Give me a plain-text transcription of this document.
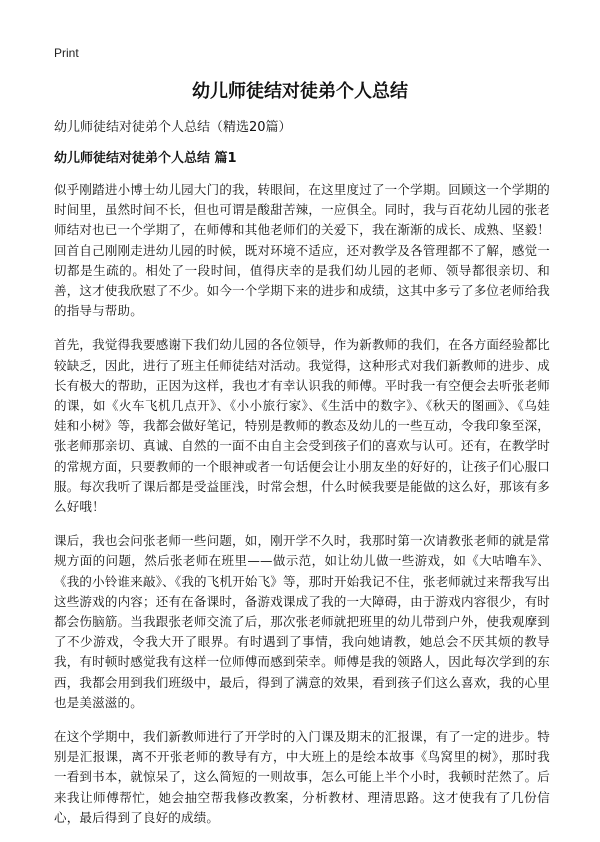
Print
幼儿师徒结对徒弟个人总结

幼儿师徒结对徒弟个人总结（精选20篇）

幼儿师徒结对徒弟个人总结 篇1

似乎刚踏进小博士幼儿园大门的我，转眼间，在这里度过了一个学期。回顾这一个学期的时间里，虽然时间不长，但也可谓是酸甜苦辣，一应俱全。同时，我与百花幼儿园的张老师结对也已一个学期了，在师傅和其他老师们的关爱下，我在渐渐的成长、成熟、坚毅！回首自己刚刚走进幼儿园的时候，既对环境不适应，还对教学及各管理都不了解，感觉一切都是生疏的。相处了一段时间，值得庆幸的是我们幼儿园的老师、领导都很亲切、和善，这才使我欣慰了不少。如今一个学期下来的进步和成绩，这其中多亏了多位老师给我的指导与帮助。

首先，我觉得我要感谢下我们幼儿园的各位领导，作为新教师的我们，在各方面经验都比较缺乏，因此，进行了班主任师徒结对活动。我觉得，这种形式对我们新教师的进步、成长有极大的帮助，正因为这样，我也才有幸认识我的师傅。平时我一有空便会去听张老师的课，如《火车飞机几点开》、《小小旅行家》、《生活中的数字》、《秋天的图画》、《乌娃娃和小树》等，我都会做好笔记，特别是教师的教态及幼儿的一些互动，令我印象至深，张老师那亲切、真诚、自然的一面不由自主会受到孩子们的喜欢与认可。还有，在教学时的常规方面，只要教师的一个眼神或者一句话便会让小朋友坐的好好的，让孩子们心服口服。每次我听了课后都是受益匪浅，时常会想，什么时候我要是能做的这么好，那该有多么好哦！

课后，我也会问张老师一些问题，如，刚开学不久时，我那时第一次请教张老师的就是常规方面的问题，然后张老师在班里——做示范，如让幼儿做一些游戏，如《大咕噜车》、《我的小铃谁来敲》、《我的飞机开始飞》等，那时开始我记不住，张老师就过来帮我写出这些游戏的内容；还有在备课时，备游戏课成了我的一大障碍，由于游戏内容很少，有时都会伤脑筋。当我跟张老师交流了后，那次张老师就把班里的幼儿带到户外，使我观摩到了不少游戏，令我大开了眼界。有时遇到了事情，我向她请教，她总会不厌其烦的教导我，有时顿时感觉我有这样一位师傅而感到荣幸。师傅是我的领路人，因此每次学到的东西，我都会用到我们班级中，最后，得到了满意的效果，看到孩子们这么喜欢，我的心里也是美滋滋的。

在这个学期中，我们新教师进行了开学时的入门课及期末的汇报课，有了一定的进步。特别是汇报课，离不开张老师的教导有方，中大班上的是绘本故事《鸟窝里的树》，那时我一看到书本，就惊呆了，这么简短的一则故事，怎么可能上半个小时，我顿时茫然了。后来我让师傅帮忙，她会抽空帮我修改教案，分析教材、理清思路。这才使我有了几份信心，最后得到了良好的成绩。
